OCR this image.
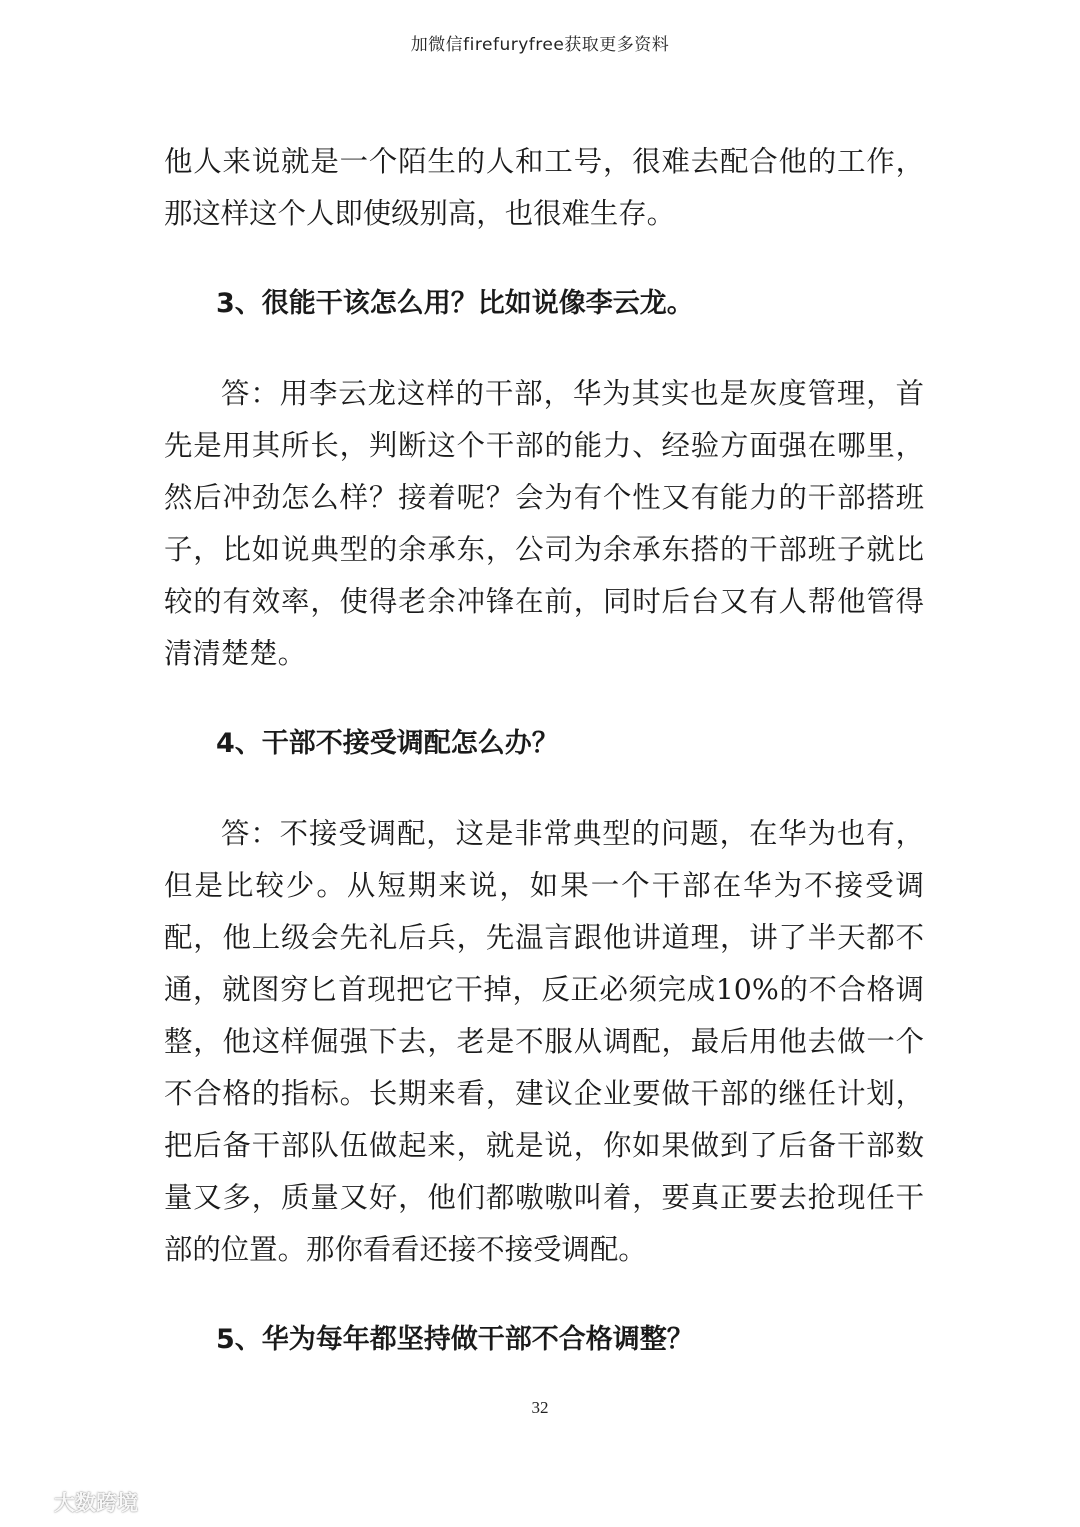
加微信firefuryfree获取更多资料

他人来说就是一个陌生的人和工号，很难去配合他的工作，那这样这个人即使级别高，也很难生存。

3、很能干该怎么用？比如说像李云龙。

答：用李云龙这样的干部，华为其实也是灰度管理，首先是用其所长，判断这个干部的能力、经验方面强在哪里，然后冲劲怎么样？接着呢？会为有个性又有能力的干部搭班子，比如说典型的余承东，公司为余承东搭的干部班子就比较的有效率，使得老余冲锋在前，同时后台又有人帮他管得清清楚楚。

4、干部不接受调配怎么办？

答：不接受调配，这是非常典型的问题，在华为也有，但是比较少。从短期来说，如果一个干部在华为不接受调配，他上级会先礼后兵，先温言跟他讲道理，讲了半天都不通，就图穷匕首现把它干掉，反正必须完成10%的不合格调整，他这样倔强下去，老是不服从调配，最后用他去做一个不合格的指标。长期来看，建议企业要做干部的继任计划，把后备干部队伍做起来，就是说，你如果做到了后备干部数量又多，质量又好，他们都嗷嗷叫着，要真正要去抢现任干部的位置。那你看看还接不接受调配。

5、华为每年都坚持做干部不合格调整？

32
大数跨境
